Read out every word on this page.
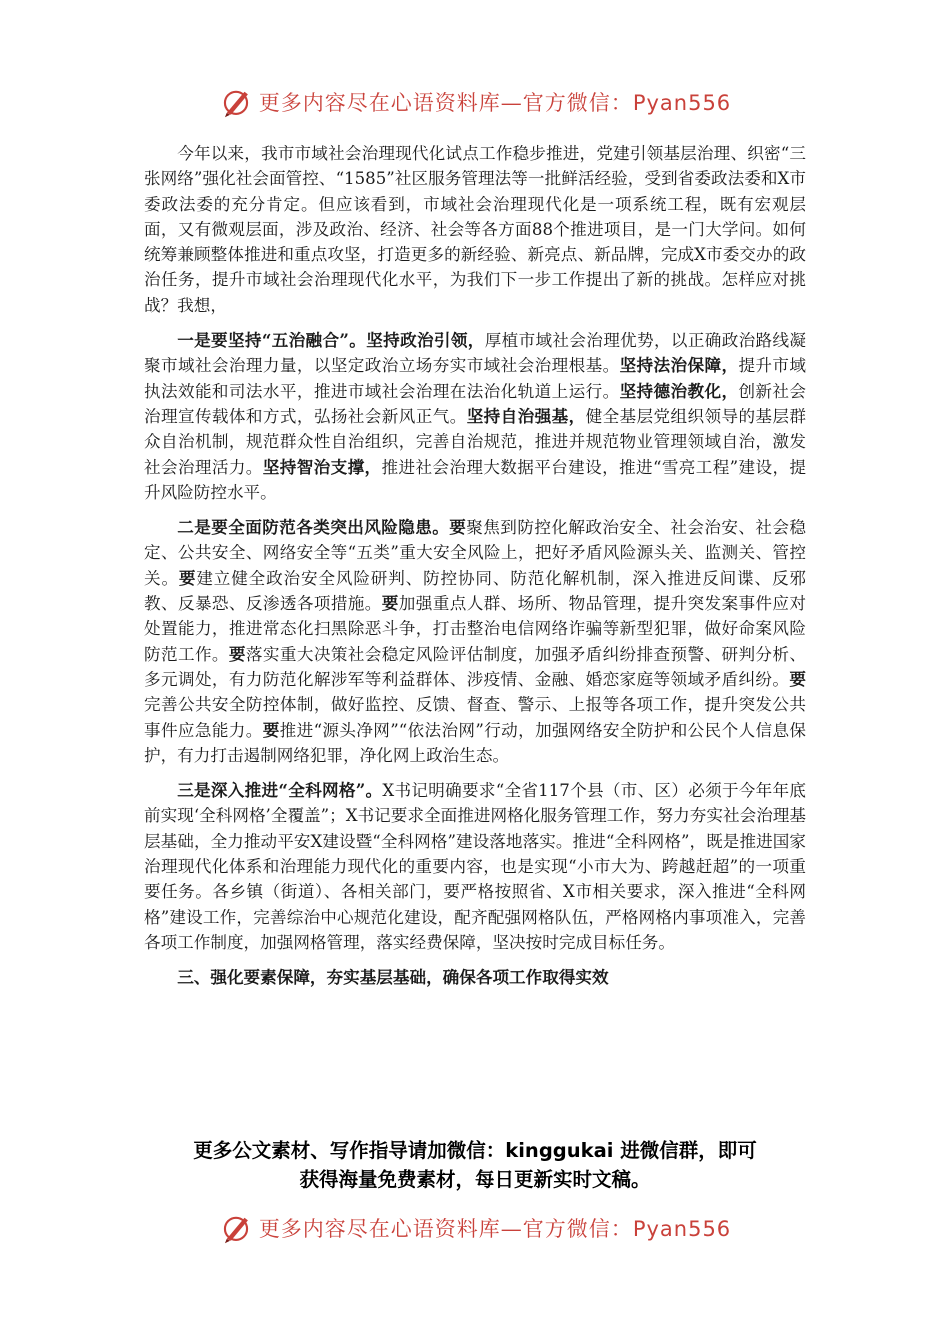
更多内容尽在心语资料库—官方微信：Pyan556

今年以来，我市市域社会治理现代化试点工作稳步推进，党建引领基层治理、织密“三张网络”强化社会面管控、“1585”社区服务管理法等一批鲜活经验，受到省委政法委和X市委政法委的充分肯定。但应该看到，市域社会治理现代化是一项系统工程，既有宏观层面，又有微观层面，涉及政治、经济、社会等各方面88个推进项目，是一门大学问。如何统筹兼顾整体推进和重点攻坚，打造更多的新经验、新亮点、新品牌，完成X市委交办的政治任务，提升市域社会治理现代化水平，为我们下一步工作提出了新的挑战。怎样应对挑战？我想，

一是要坚持“五治融合”。坚持政治引领，厚植市域社会治理优势，以正确政治路线凝聚市域社会治理力量，以坚定政治立场夯实市域社会治理根基。坚持法治保障，提升市域执法效能和司法水平，推进市域社会治理在法治化轨道上运行。坚持德治教化，创新社会治理宣传载体和方式，弘扬社会新风正气。坚持自治强基，健全基层党组织领导的基层群众自治机制，规范群众性自治组织，完善自治规范，推进并规范物业管理领域自治，激发社会治理活力。坚持智治支撑，推进社会治理大数据平台建设，推进“雪亮工程”建设，提升风险防控水平。

二是要全面防范各类突出风险隐患。要聚焦到防控化解政治安全、社会治安、社会稳定、公共安全、网络安全等“五类”重大安全风险上，把好矛盾风险源头关、监测关、管控关。要建立健全政治安全风险研判、防控协同、防范化解机制，深入推进反间谍、反邪教、反暴恐、反渗透各项措施。要加强重点人群、场所、物品管理，提升突发案事件应对处置能力，推进常态化扫黑除恶斗争，打击整治电信网络诈骗等新型犯罪，做好命案风险防范工作。要落实重大决策社会稳定风险评估制度，加强矛盾纠纷排查预警、研判分析、多元调处，有力防范化解涉军等利益群体、涉疫情、金融、婚恋家庭等领域矛盾纠纷。要完善公共安全防控体制，做好监控、反馈、督查、警示、上报等各项工作，提升突发公共事件应急能力。要推进“源头净网”“依法治网”行动，加强网络安全防护和公民个人信息保护，有力打击遏制网络犯罪，净化网上政治生态。

三是深入推进“全科网格”。X书记明确要求“全省117个县（市、区）必须于今年年底前实现‘全科网格’全覆盖”；X书记要求全面推进网格化服务管理工作，努力夯实社会治理基层基础，全力推动平安X建设暨“全科网格”建设落地落实。推进“全科网格”，既是推进国家治理现代化体系和治理能力现代化的重要内容，也是实现“小市大为、跨越赶超”的一项重要任务。各乡镇（街道）、各相关部门，要严格按照省、X市相关要求，深入推进“全科网格”建设工作，完善综治中心规范化建设，配齐配强网格队伍，严格网格内事项准入，完善各项工作制度，加强网格管理，落实经费保障，坚决按时完成目标任务。

三、强化要素保障，夯实基层基础，确保各项工作取得实效

更多公文素材、写作指导请加微信：kinggukai 进微信群，即可
获得海量免费素材，每日更新实时文稿。
更多内容尽在心语资料库—官方微信：Pyan556
